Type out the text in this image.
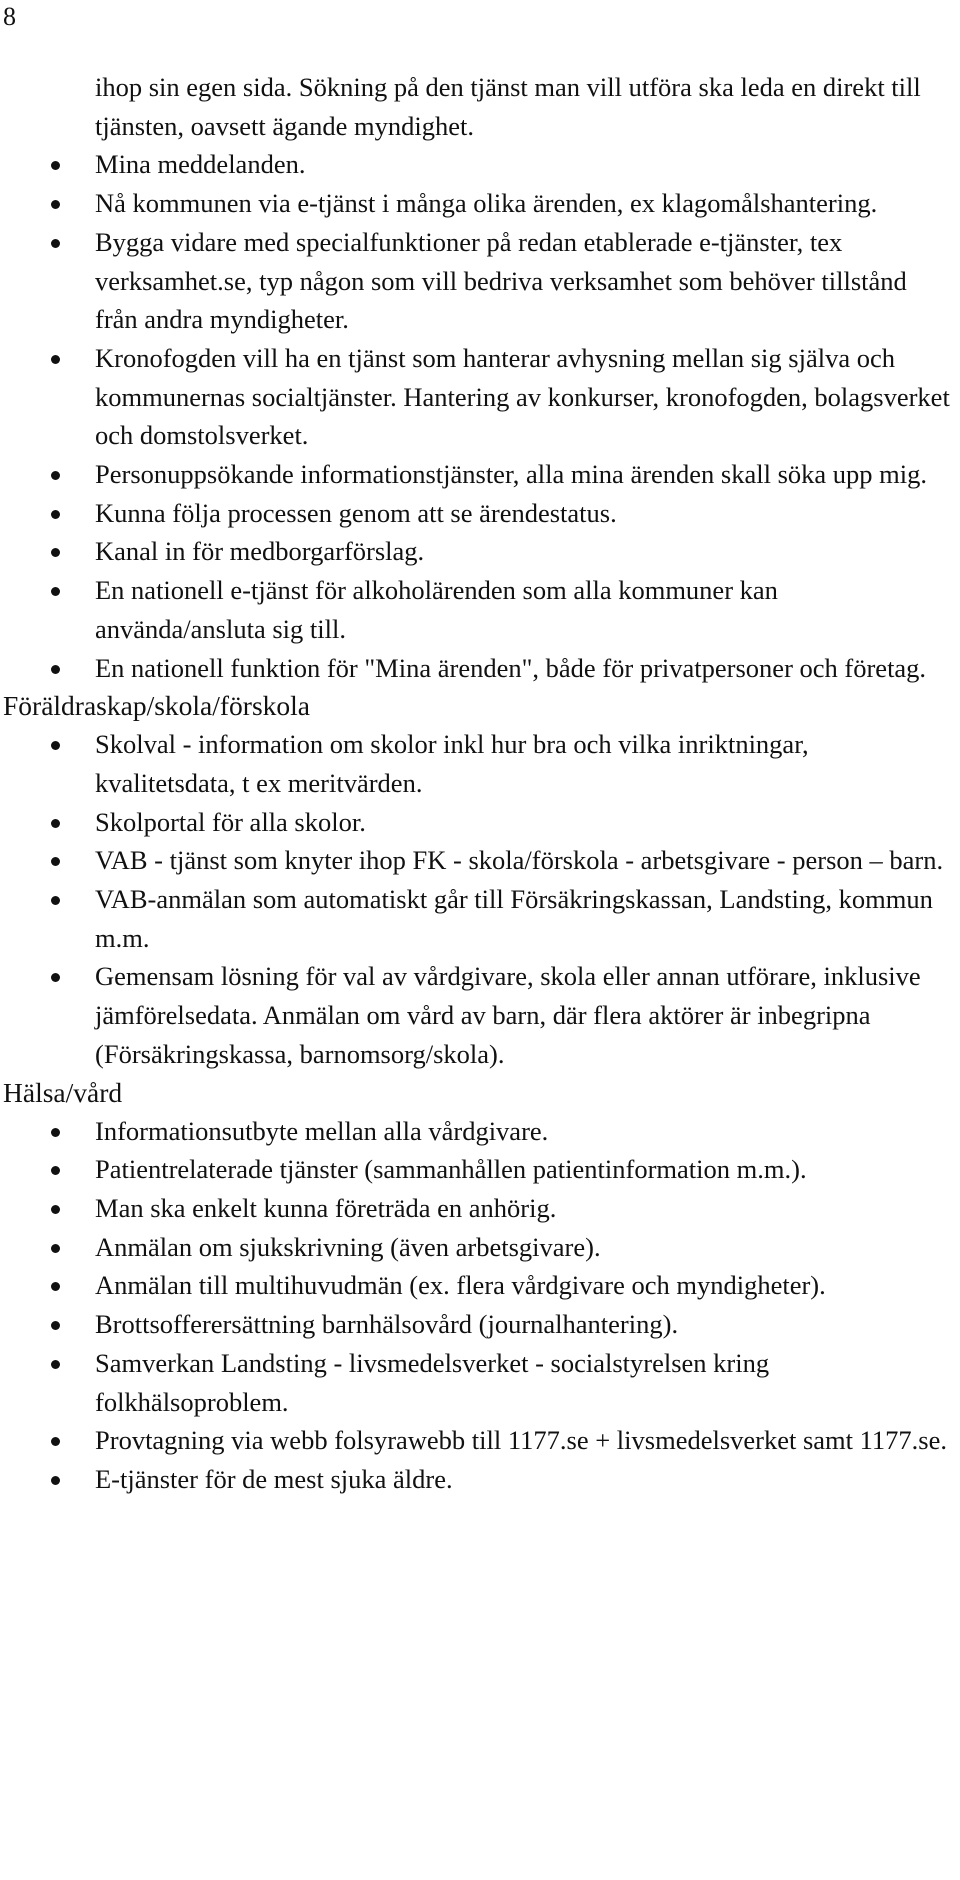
8
ihop sin egen sida. Sökning på den tjänst man vill utföra ska leda en direkt till tjänsten, oavsett ägande myndighet.
Mina meddelanden.
Nå kommunen via e-tjänst i många olika ärenden, ex klagomålshantering.
Bygga vidare med specialfunktioner på redan etablerade e-tjänster, tex verksamhet.se, typ någon som vill bedriva verksamhet som behöver tillstånd från andra myndigheter.
Kronofogden vill ha en tjänst som hanterar avhysning mellan sig själva och kommunernas socialtjänster. Hantering av konkurser, kronofogden, bolagsverket och domstolsverket.
Personuppsökande informationstjänster, alla mina ärenden skall söka upp mig.
Kunna följa processen genom att se ärendestatus.
Kanal in för medborgarförslag.
En nationell e-tjänst för alkoholärenden som alla kommuner kan använda/ansluta sig till.
En nationell funktion för "Mina ärenden", både för privatpersoner och företag.
Föräldraskap/skola/förskola
Skolval - information om skolor inkl hur bra och vilka inriktningar, kvalitetsdata, t ex meritvärden.
Skolportal för alla skolor.
VAB - tjänst som knyter ihop FK - skola/förskola - arbetsgivare - person – barn.
VAB-anmälan som automatiskt går till Försäkringskassan, Landsting, kommun m.m.
Gemensam lösning för val av vårdgivare, skola eller annan utförare, inklusive jämförelsedata. Anmälan om vård av barn, där flera aktörer är inbegripna (Försäkringskassa, barnomsorg/skola).
Hälsa/vård
Informationsutbyte mellan alla vårdgivare.
Patientrelaterade tjänster (sammanhållen patientinformation m.m.).
Man ska enkelt kunna företräda en anhörig.
Anmälan om sjukskrivning (även arbetsgivare).
Anmälan till multihuvudmän (ex. flera vårdgivare och myndigheter).
Brottsofferersättning barnhälsovård (journalhantering).
Samverkan Landsting - livsmedelsverket - socialstyrelsen kring folkhälsoproblem.
Provtagning via webb folsyrawebb till 1177.se + livsmedelsverket samt 1177.se.
E-tjänster för de mest sjuka äldre.
